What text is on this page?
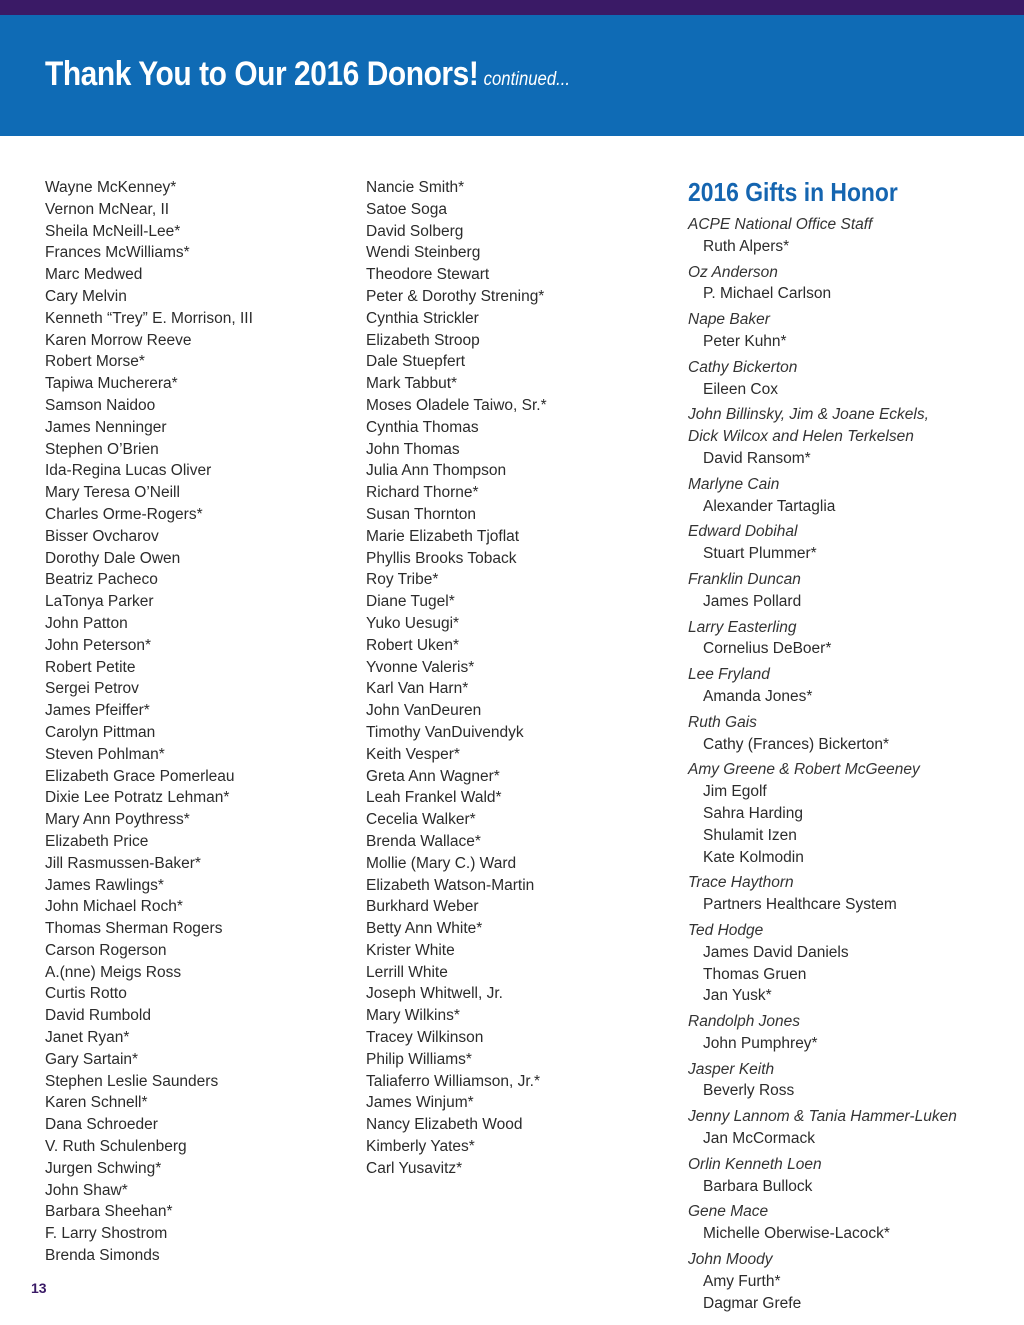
Thank You to Our 2016 Donors! continued...
Wayne McKenney*
Vernon McNear, II
Sheila McNeill-Lee*
Frances McWilliams*
Marc Medwed
Cary Melvin
Kenneth “Trey” E. Morrison, III
Karen Morrow Reeve
Robert Morse*
Tapiwa Mucherera*
Samson Naidoo
James Nenninger
Stephen O’Brien
Ida-Regina Lucas Oliver
Mary Teresa O’Neill
Charles Orme-Rogers*
Bisser Ovcharov
Dorothy Dale Owen
Beatriz Pacheco
LaTonya Parker
John Patton
John Peterson*
Robert Petite
Sergei Petrov
James Pfeiffer*
Carolyn Pittman
Steven Pohlman*
Elizabeth Grace Pomerleau
Dixie Lee Potratz Lehman*
Mary Ann Poythress*
Elizabeth Price
Jill Rasmussen-Baker*
James Rawlings*
John Michael Roch*
Thomas Sherman Rogers
Carson Rogerson
A.(nne) Meigs Ross
Curtis Rotto
David Rumbold
Janet Ryan*
Gary Sartain*
Stephen Leslie Saunders
Karen Schnell*
Dana Schroeder
V. Ruth Schulenberg
Jurgen Schwing*
John Shaw*
Barbara Sheehan*
F. Larry Shostrom
Brenda Simonds
Nancie Smith*
Satoe Soga
David Solberg
Wendi Steinberg
Theodore Stewart
Peter & Dorothy Strening*
Cynthia Strickler
Elizabeth Stroop
Dale Stuepfert
Mark Tabbut*
Moses Oladele Taiwo, Sr.*
Cynthia Thomas
John Thomas
Julia Ann Thompson
Richard Thorne*
Susan Thornton
Marie Elizabeth Tjoflat
Phyllis Brooks Toback
Roy Tribe*
Diane Tugel*
Yuko Uesugi*
Robert Uken*
Yvonne Valeris*
Karl Van Harn*
John VanDeuren
Timothy VanDuivendyk
Keith Vesper*
Greta Ann Wagner*
Leah Frankel Wald*
Cecelia Walker*
Brenda Wallace*
Mollie (Mary C.) Ward
Elizabeth Watson-Martin
Burkhard Weber
Betty Ann White*
Krister White
Lerrill White
Joseph Whitwell, Jr.
Mary Wilkins*
Tracey Wilkinson
Philip Williams*
Taliaferro Williamson, Jr.*
James Winjum*
Nancy Elizabeth Wood
Kimberly Yates*
Carl Yusavitz*
2016 Gifts in Honor
ACPE National Office Staff
Ruth Alpers*
Oz Anderson
P. Michael Carlson
Nape Baker
Peter Kuhn*
Cathy Bickerton
Eileen Cox
John Billinsky, Jim & Joane Eckels,
Dick Wilcox and Helen Terkelsen
David Ransom*
Marlyne Cain
Alexander Tartaglia
Edward Dobihal
Stuart Plummer*
Franklin Duncan
James Pollard
Larry Easterling
Cornelius DeBoer*
Lee Fryland
Amanda Jones*
Ruth Gais
Cathy (Frances) Bickerton*
Amy Greene & Robert McGeeney
Jim Egolf
Sahra Harding
Shulamit Izen
Kate Kolmodin
Trace Haythorn
Partners Healthcare System
Ted Hodge
James David Daniels
Thomas Gruen
Jan Yusk*
Randolph Jones
John Pumphrey*
Jasper Keith
Beverly Ross
Jenny Lannom & Tania Hammer-Luken
Jan McCormack
Orlin Kenneth Loen
Barbara Bullock
Gene Mace
Michelle Oberwise-Lacock*
John Moody
Amy Furth*
Dagmar Grefe
13
